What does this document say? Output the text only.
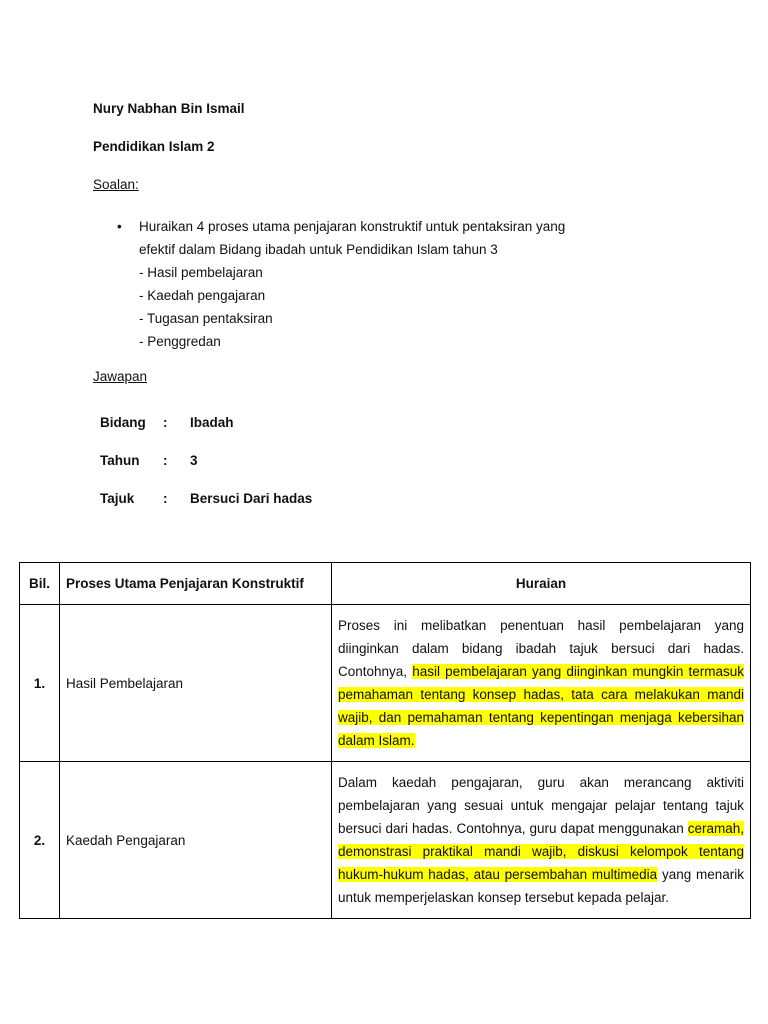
Nury Nabhan Bin Ismail
Pendidikan Islam 2
Soalan:
• Huraikan 4 proses utama penjajaran konstruktif untuk pentaksiran yang
efektif dalam Bidang ibadah untuk Pendidikan Islam tahun 3
- Hasil pembelajaran
- Kaedah pengajaran
- Tugasan pentaksiran
- Penggredan
Jawapan
Bidang : Ibadah
Tahun : 3
Tajuk : Bersuci Dari hadas
Bil.	Proses Utama Penjajaran Konstruktif	Huraian
1.	Hasil Pembelajaran	Proses ini melibatkan penentuan hasil pembelajaran yang diinginkan dalam bidang ibadah tajuk bersuci dari hadas. Contohnya, hasil pembelajaran yang diinginkan mungkin termasuk pemahaman tentang konsep hadas, tata cara melakukan mandi wajib, dan pemahaman tentang kepentingan menjaga kebersihan dalam Islam.
2.	Kaedah Pengajaran	Dalam kaedah pengajaran, guru akan merancang aktiviti pembelajaran yang sesuai untuk mengajar pelajar tentang tajuk bersuci dari hadas. Contohnya, guru dapat menggunakan ceramah, demonstrasi praktikal mandi wajib, diskusi kelompok tentang hukum-hukum hadas, atau persembahan multimedia yang menarik untuk memperjelaskan konsep tersebut kepada pelajar.
